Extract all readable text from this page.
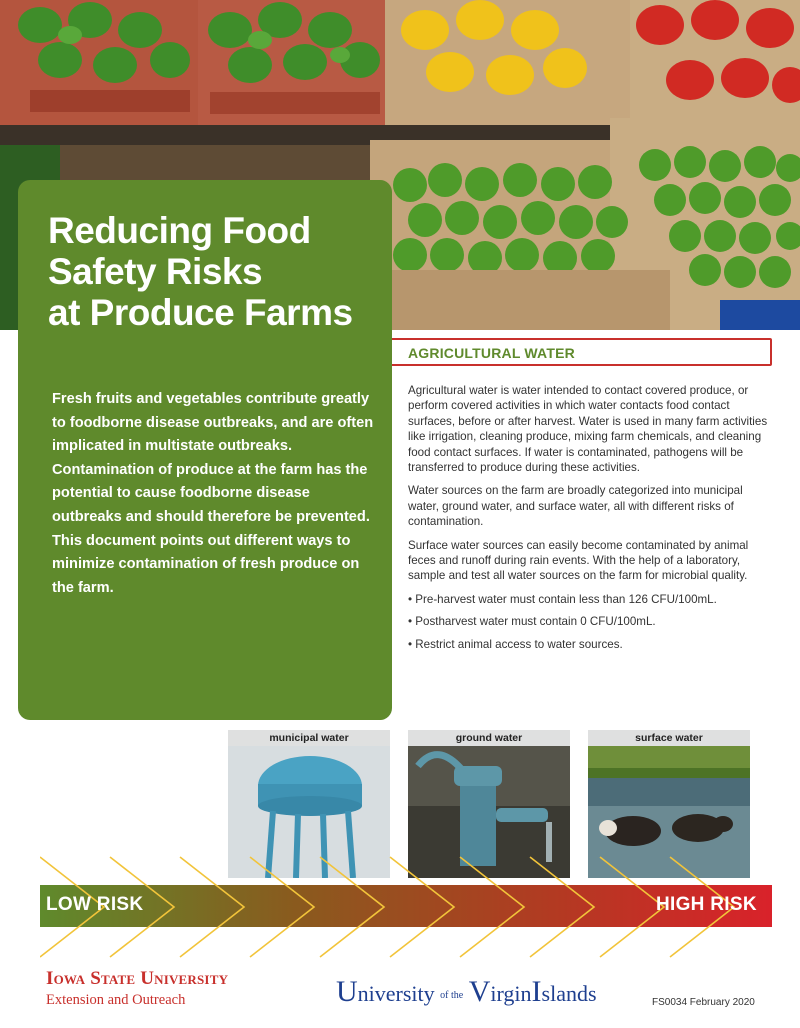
Reducing Food
Safety Risks
at Produce Farms
Fresh fruits and vegetables contribute greatly to foodborne disease outbreaks, and are often implicated in multistate outbreaks. Contamination of produce at the farm has the potential to cause foodborne disease outbreaks and should therefore be prevented. This document points out different ways to minimize contamination of fresh produce on the farm.
AGRICULTURAL WATER

Agricultural water is water intended to contact covered produce, or perform covered activities in which water contacts food contact surfaces, before or after harvest. Water is used in many farm activities like irrigation, cleaning produce, mixing farm chemicals, and cleaning food contact surfaces. If water is contaminated, pathogens will be transferred to produce during these activities.

Water sources on the farm are broadly categorized into municipal water, ground water, and surface water, all with different risks of contamination.

Surface water sources can easily become contaminated by animal feces and runoff during rain events. With the help of a laboratory, sample and test all water sources on the farm for microbial quality.

• Pre-harvest water must contain less than 126 CFU/100mL.
• Postharvest water must contain 0 CFU/100mL.
• Restrict animal access to water sources.
municipal water	ground water	surface water
LOW RISK	HIGH RISK
Iowa State University
Extension and Outreach	University of the VirginIslands	FS0034 February 2020
